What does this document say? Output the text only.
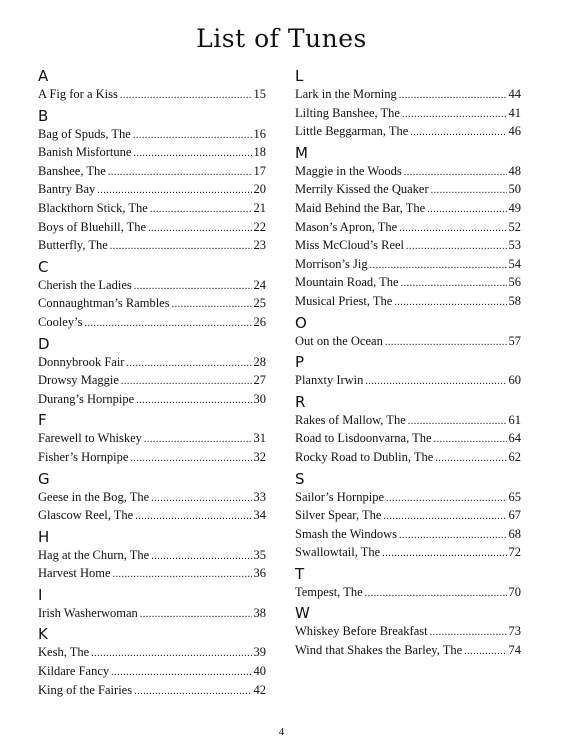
List of Tunes
A
A Fig for a Kiss .....	15
B
Bag of Spuds, The .....	16
Banish Misfortune .....	18
Banshee, The .....	17
Bantry Bay .....	20
Blackthorn Stick, The .....	21
Boys of Bluehill, The .....	22
Butterfly, The .....	23
C
Cherish the Ladies .....	24
Connaughtman’s Rambles .....	25
Cooley’s .....	26
D
Donnybrook Fair .....	28
Drowsy Maggie .....	27
Durang’s Hornpipe .....	30
F
Farewell to Whiskey .....	31
Fisher’s Hornpipe .....	32
G
Geese in the Bog, The .....	33
Glascow Reel, The .....	34
H
Hag at the Churn, The .....	35
Harvest Home .....	36
I
Irish Washerwoman .....	38
K
Kesh, The .....	39
Kildare Fancy .....	40
King of the Fairies .....	42
L
Lark in the Morning .....	44
Lilting Banshee, The .....	41
Little Beggarman, The .....	46
M
Maggie in the Woods .....	48
Merrily Kissed the Quaker .....	50
Maid Behind the Bar, The .....	49
Mason’s Apron, The .....	52
Miss McCloud’s Reel .....	53
Morrison’s Jig .....	54
Mountain Road, The .....	56
Musical Priest, The .....	58
O
Out on the Ocean .....	57
P
Planxty Irwin .....	60
R
Rakes of Mallow, The .....	61
Road to Lisdoonvarna, The .....	64
Rocky Road to Dublin, The .....	62
S
Sailor’s Hornpipe .....	65
Silver Spear, The .....	67
Smash the Windows .....	68
Swallowtail, The .....	72
T
Tempest, The .....	70
W
Whiskey Before Breakfast .....	73
Wind that Shakes the Barley, The .....	74
4
